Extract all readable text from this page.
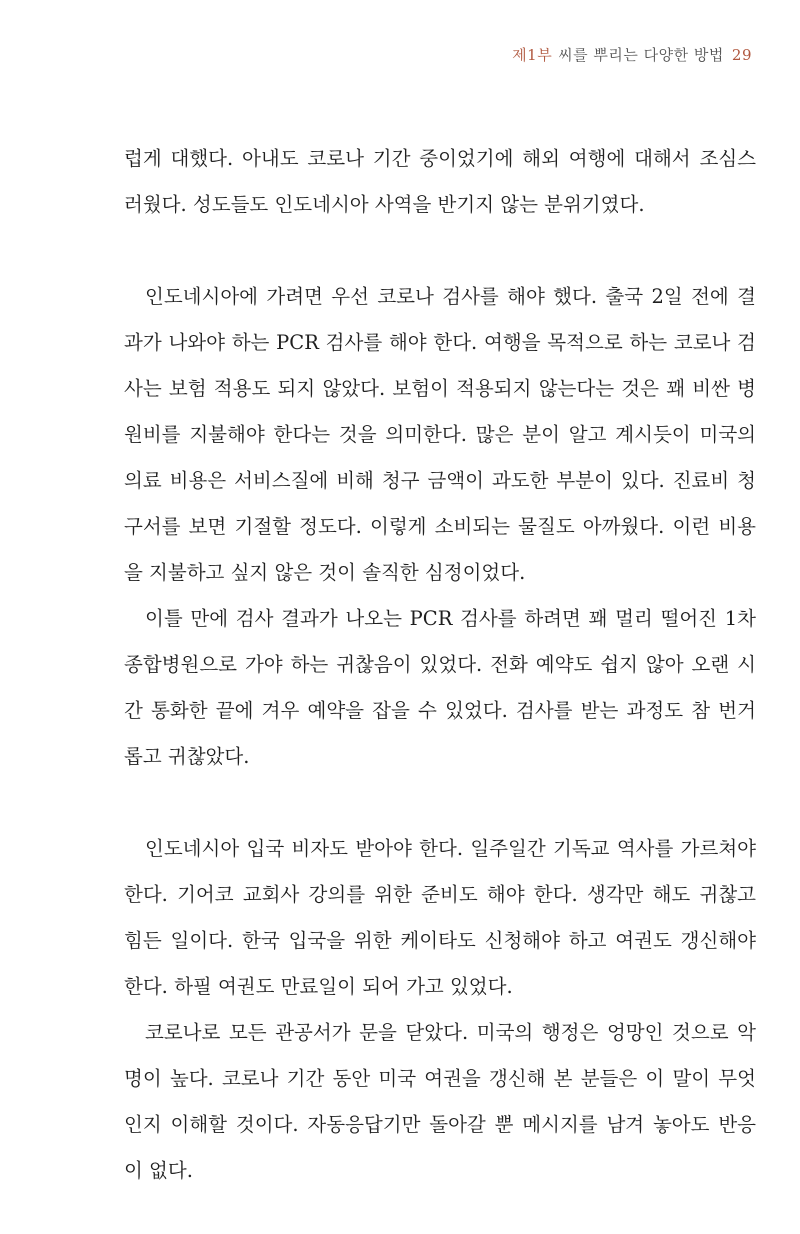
제1부 씨를 뿌리는 다양한 방법 29
럽게 대했다. 아내도 코로나 기간 중이었기에 해외 여행에 대해서 조심스
러웠다. 성도들도 인도네시아 사역을 반기지 않는 분위기였다.
인도네시아에 가려면 우선 코로나 검사를 해야 했다. 출국 2일 전에 결
과가 나와야 하는 PCR 검사를 해야 한다. 여행을 목적으로 하는 코로나 검
사는 보험 적용도 되지 않았다. 보험이 적용되지 않는다는 것은 꽤 비싼 병
원비를 지불해야 한다는 것을 의미한다. 많은 분이 알고 계시듯이 미국의
의료 비용은 서비스질에 비해 청구 금액이 과도한 부분이 있다. 진료비 청
구서를 보면 기절할 정도다. 이렇게 소비되는 물질도 아까웠다. 이런 비용
을 지불하고 싶지 않은 것이 솔직한 심정이었다.
이틀 만에 검사 결과가 나오는 PCR 검사를 하려면 꽤 멀리 떨어진 1차
종합병원으로 가야 하는 귀찮음이 있었다. 전화 예약도 쉽지 않아 오랜 시
간 통화한 끝에 겨우 예약을 잡을 수 있었다. 검사를 받는 과정도 참 번거
롭고 귀찮았다.
인도네시아 입국 비자도 받아야 한다. 일주일간 기독교 역사를 가르쳐야
한다. 기어코 교회사 강의를 위한 준비도 해야 한다. 생각만 해도 귀찮고
힘든 일이다. 한국 입국을 위한 케이타도 신청해야 하고 여권도 갱신해야
한다. 하필 여권도 만료일이 되어 가고 있었다.
코로나로 모든 관공서가 문을 닫았다. 미국의 행정은 엉망인 것으로 악
명이 높다. 코로나 기간 동안 미국 여권을 갱신해 본 분들은 이 말이 무엇
인지 이해할 것이다. 자동응답기만 돌아갈 뿐 메시지를 남겨 놓아도 반응
이 없다.
